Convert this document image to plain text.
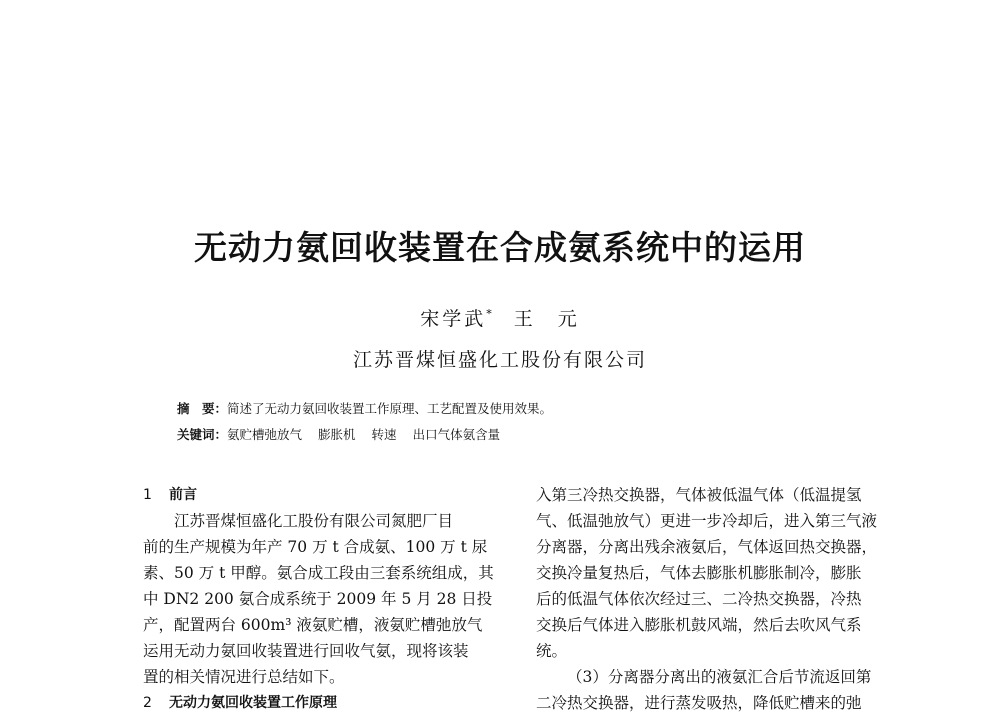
无动力氨回收装置在合成氨系统中的运用
宋学武* 王　元
江苏晋煤恒盛化工股份有限公司
摘　要：简述了无动力氨回收装置工作原理、工艺配置及使用效果。
关键词：氨贮槽弛放气 膨胀机 转速 出口气体氨含量
1 前言
江苏晋煤恒盛化工股份有限公司氮肥厂目
前的生产规模为年产 70 万 t 合成氨、100 万 t 尿
素、50 万 t 甲醇。氨合成工段由三套系统组成，其
中 DN2 200 氨合成系统于 2009 年 5 月 28 日投
产，配置两台 600m³ 液氨贮槽，液氨贮槽弛放气
运用无动力氨回收装置进行回收气氨，现将该装
置的相关情况进行总结如下。
2 无动力氨回收装置工作原理
入第三冷热交换器，气体被低温气体（低温提氢
气、低温弛放气）更进一步冷却后，进入第三气液
分离器，分离出残余液氨后，气体返回热交换器，
交换冷量复热后，气体去膨胀机膨胀制冷，膨胀
后的低温气体依次经过三、二冷热交换器，冷热
交换后气体进入膨胀机鼓风端，然后去吹风气系
统。
（3）分离器分离出的液氨汇合后节流返回第
二冷热交换器，进行蒸发吸热，降低贮槽来的弛
